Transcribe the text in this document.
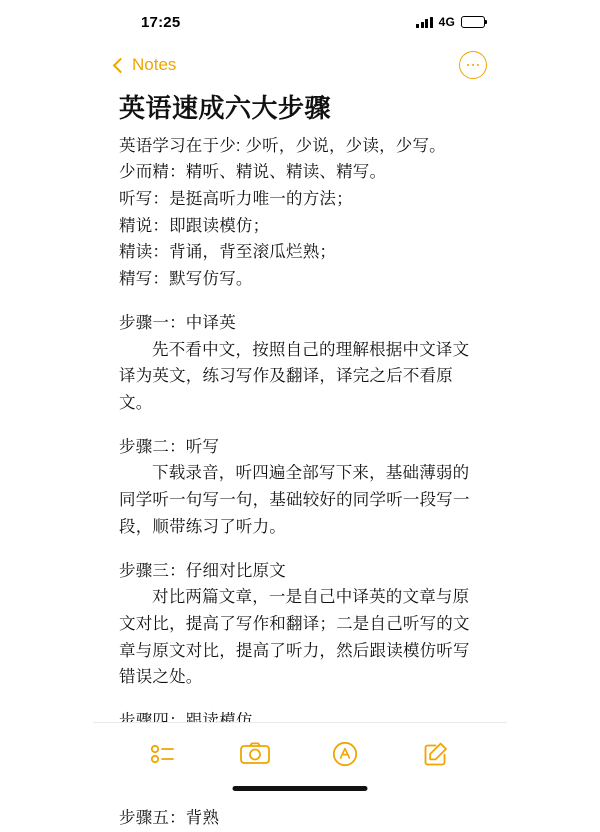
17:25	4G
Notes
英语速成六大步骤

英语学习在于少: 少听，少说，少读，少写。

少而精：精听、精说、精读、精写。

听写：是挺高听力唯一的方法；

精说：即跟读模仿；

精读：背诵，背至滚瓜烂熟；

精写：默写仿写。

步骤一：中译英

先不看中文，按照自己的理解根据中文译文译为英文，练习写作及翻译，译完之后不看原文。

步骤二：听写

下载录音，听四遍全部写下来，基础薄弱的同学听一句写一句，基础较好的同学听一段写一段，顺带练习了听力。

步骤三：仔细对比原文

对比两篇文章，一是自己中译英的文章与原文对比，提高了写作和翻译；二是自己听写的文章与原文对比，提高了听力，然后跟读模仿听写错误之处。

步骤五：背熟
